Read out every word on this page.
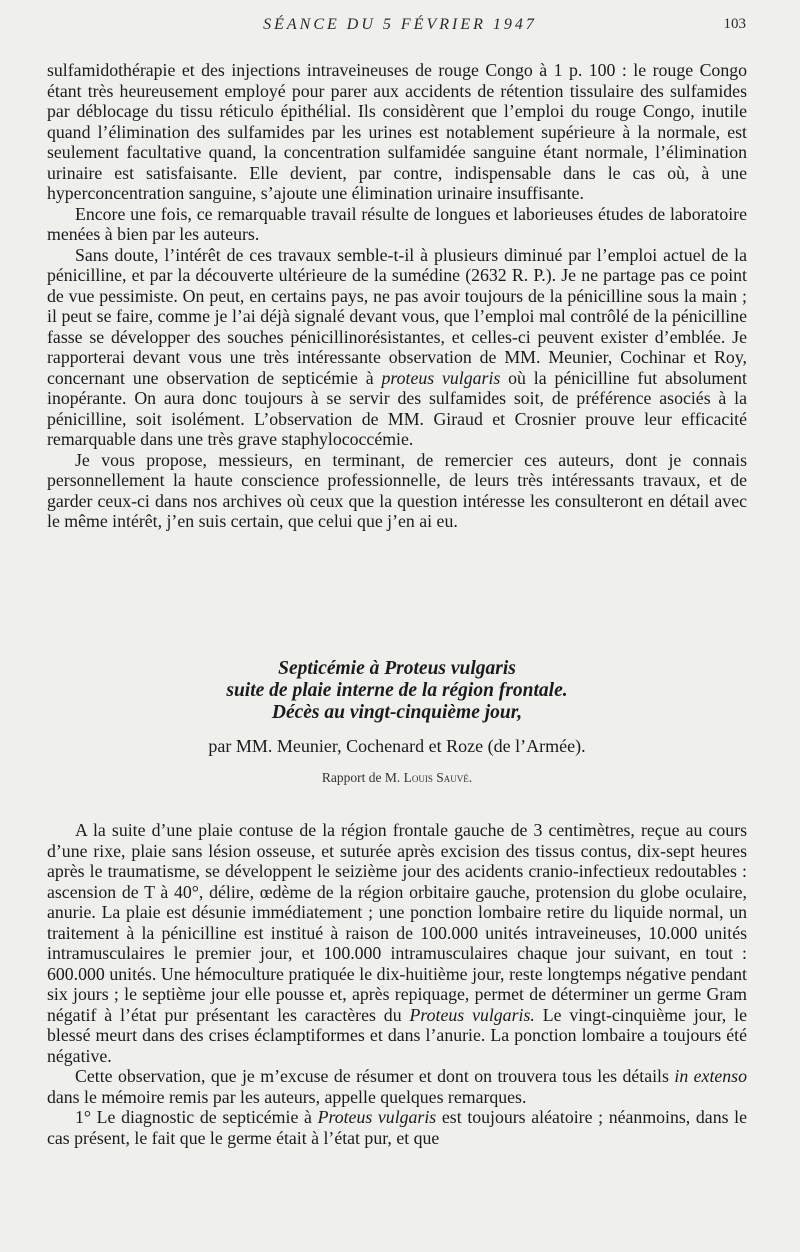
SÉANCE DU 5 FÉVRIER 1947	103

sulfamidothérapie et des injections intraveineuses de rouge Congo à 1 p. 100 : le rouge Congo étant très heureusement employé pour parer aux accidents de rétention tissulaire des sulfamides par déblocage du tissu réticulo épithélial. Ils considèrent que l’emploi du rouge Congo, inutile quand l’élimination des sulfamides par les urines est notablement supérieure à la normale, est seulement facultative quand, la concentration sulfamidée sanguine étant normale, l’élimination urinaire est satisfaisante. Elle devient, par contre, indispensable dans le cas où, à une hyperconcentration sanguine, s’ajoute une élimination urinaire insuffisante.

Encore une fois, ce remarquable travail résulte de longues et laborieuses études de laboratoire menées à bien par les auteurs.

Sans doute, l’intérêt de ces travaux semble-t-il à plusieurs diminué par l’emploi actuel de la pénicilline, et par la découverte ultérieure de la sumédine (2632 R. P.). Je ne partage pas ce point de vue pessimiste. On peut, en certains pays, ne pas avoir toujours de la pénicilline sous la main ; il peut se faire, comme je l’ai déjà signalé devant vous, que l’emploi mal contrôlé de la pénicilline fasse se développer des souches pénicillinorésistantes, et celles-ci peuvent exister d’emblée. Je rapporterai devant vous une très intéressante observation de MM. Meunier, Cochinar et Roy, concernant une observation de septicémie à proteus vulgaris où la pénicilline fut absolument inopérante. On aura donc toujours à se servir des sulfamides soit, de préférence asociés à la pénicilline, soit isolément. L’observation de MM. Giraud et Crosnier prouve leur efficacité remarquable dans une très grave staphylococcémie.

Je vous propose, messieurs, en terminant, de remercier ces auteurs, dont je connais personnellement la haute conscience professionnelle, de leurs très intéressants travaux, et de garder ceux-ci dans nos archives où ceux que la question intéresse les consulteront en détail avec le même intérêt, j’en suis certain, que celui que j’en ai eu.

Septicémie à Proteus vulgaris
suite de plaie interne de la région frontale.
Décès au vingt-cinquième jour,
par MM. Meunier, Cochenard et Roze (de l’Armée).
Rapport de M. Louis Sauvé.

A la suite d’une plaie contuse de la région frontale gauche de 3 centimètres, reçue au cours d’une rixe, plaie sans lésion osseuse, et suturée après excision des tissus contus, dix-sept heures après le traumatisme, se développent le seizième jour des acidents cranio-infectieux redoutables : ascension de T à 40°, délire, œdème de la région orbitaire gauche, protension du globe oculaire, anurie. La plaie est désunie immédiatement ; une ponction lombaire retire du liquide normal, un traitement à la pénicilline est institué à raison de 100.000 unités intraveineuses, 10.000 unités intramusculaires le premier jour, et 100.000 intramusculaires chaque jour suivant, en tout : 600.000 unités. Une hémoculture pratiquée le dix-huitième jour, reste longtemps négative pendant six jours ; le septième jour elle pousse et, après repiquage, permet de déterminer un germe Gram négatif à l’état pur présentant les caractères du Proteus vulgaris. Le vingt-cinquième jour, le blessé meurt dans des crises éclamptiformes et dans l’anurie. La ponction lombaire a toujours été négative.

Cette observation, que je m’excuse de résumer et dont on trouvera tous les détails in extenso dans le mémoire remis par les auteurs, appelle quelques remarques.

1° Le diagnostic de septicémie à Proteus vulgaris est toujours aléatoire ; néanmoins, dans le cas présent, le fait que le germe était à l’état pur, et que
